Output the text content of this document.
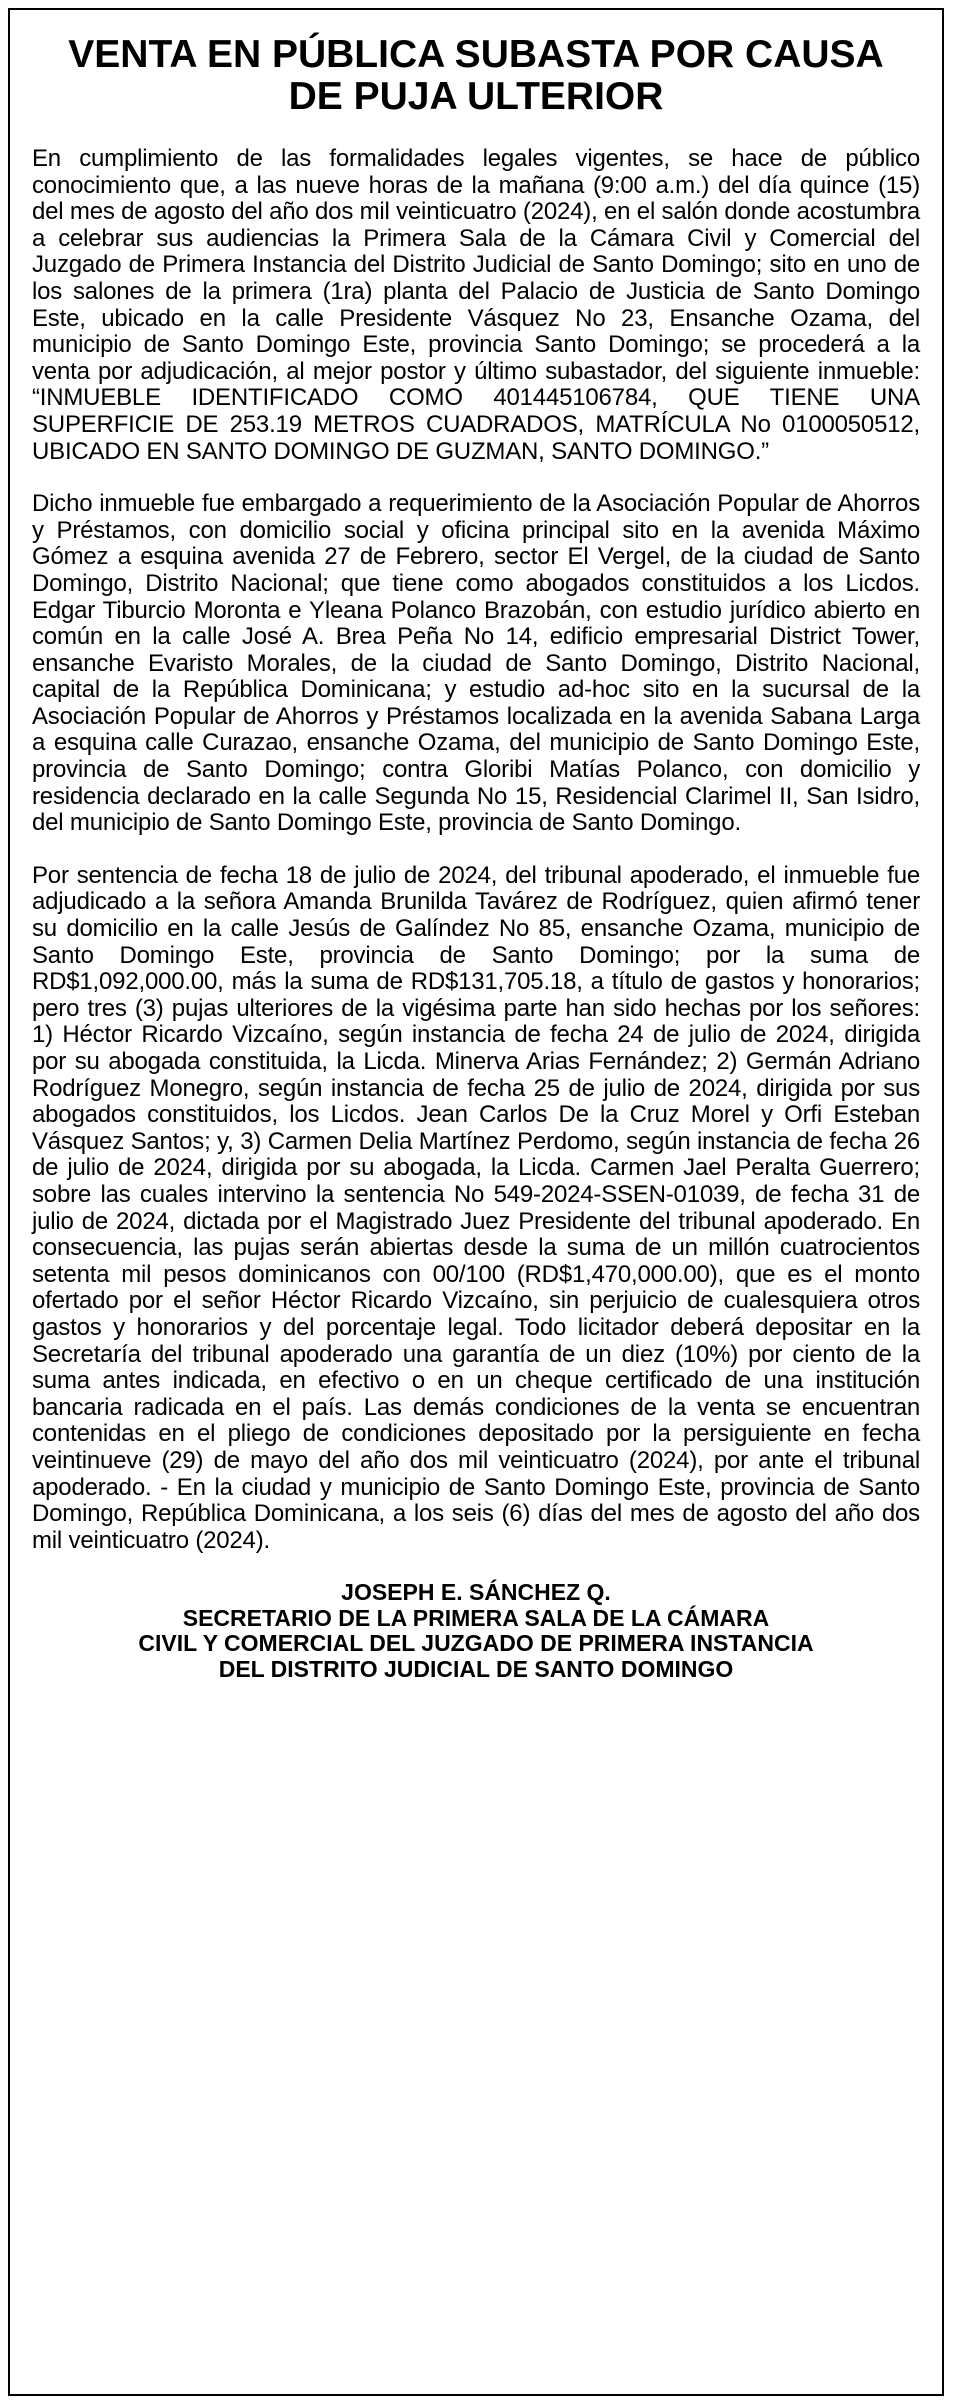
VENTA EN PÚBLICA SUBASTA POR CAUSA
DE PUJA ULTERIOR

En cumplimiento de las formalidades legales vigentes, se hace de público conocimiento que, a las nueve horas de la mañana (9:00 a.m.) del día quince (15) del mes de agosto del año dos mil veinticuatro (2024), en el salón donde acostumbra a celebrar sus audiencias la Primera Sala de la Cámara Civil y Comercial del Juzgado de Primera Instancia del Distrito Judicial de Santo Domingo; sito en uno de los salones de la primera (1ra) planta del Palacio de Justicia de Santo Domingo Este, ubicado en la calle Presidente Vásquez No 23, Ensanche Ozama, del municipio de Santo Domingo Este, provincia Santo Domingo; se procederá a la venta por adjudicación, al mejor postor y último subastador, del siguiente inmueble: “INMUEBLE IDENTIFICADO COMO 401445106784, QUE TIENE UNA SUPERFICIE DE 253.19 METROS CUADRADOS, MATRÍCULA No 0100050512, UBICADO EN SANTO DOMINGO DE GUZMAN, SANTO DOMINGO.”

Dicho inmueble fue embargado a requerimiento de la Asociación Popular de Ahorros y Préstamos, con domicilio social y oficina principal sito en la avenida Máximo Gómez a esquina avenida 27 de Febrero, sector El Vergel, de la ciudad de Santo Domingo, Distrito Nacional; que tiene como abogados constituidos a los Licdos. Edgar Tiburcio Moronta e Yleana Polanco Brazobán, con estudio jurídico abierto en común en la calle José A. Brea Peña No 14, edificio empresarial District Tower, ensanche Evaristo Morales, de la ciudad de Santo Domingo, Distrito Nacional, capital de la República Dominicana; y estudio ad-hoc sito en la sucursal de la Asociación Popular de Ahorros y Préstamos localizada en la avenida Sabana Larga a esquina calle Curazao, ensanche Ozama, del municipio de Santo Domingo Este, provincia de Santo Domingo; contra Gloribi Matías Polanco, con domicilio y residencia declarado en la calle Segunda No 15, Residencial Clarimel II, San Isidro, del municipio de Santo Domingo Este, provincia de Santo Domingo.

Por sentencia de fecha 18 de julio de 2024, del tribunal apoderado, el inmueble fue adjudicado a la señora Amanda Brunilda Tavárez de Rodríguez, quien afirmó tener su domicilio en la calle Jesús de Galíndez No 85, ensanche Ozama, municipio de Santo Domingo Este, provincia de Santo Domingo; por la suma de RD$1,092,000.00, más la suma de RD$131,705.18, a título de gastos y honorarios; pero tres (3) pujas ulteriores de la vigésima parte han sido hechas por los señores: 1) Héctor Ricardo Vizcaíno, según instancia de fecha 24 de julio de 2024, dirigida por su abogada constituida, la Licda. Minerva Arias Fernández; 2) Germán Adriano Rodríguez Monegro, según instancia de fecha 25 de julio de 2024, dirigida por sus abogados constituidos, los Licdos. Jean Carlos De la Cruz Morel y Orfi Esteban Vásquez Santos; y, 3) Carmen Delia Martínez Perdomo, según instancia de fecha 26 de julio de 2024, dirigida por su abogada, la Licda. Carmen Jael Peralta Guerrero; sobre las cuales intervino la sentencia No 549-2024-SSEN-01039, de fecha 31 de julio de 2024, dictada por el Magistrado Juez Presidente del tribunal apoderado. En consecuencia, las pujas serán abiertas desde la suma de un millón cuatrocientos setenta mil pesos dominicanos con 00/100 (RD$1,470,000.00), que es el monto ofertado por el señor Héctor Ricardo Vizcaíno, sin perjuicio de cualesquiera otros gastos y honorarios y del porcentaje legal. Todo licitador deberá depositar en la Secretaría del tribunal apoderado una garantía de un diez (10%) por ciento de la suma antes indicada, en efectivo o en un cheque certificado de una institución bancaria radicada en el país. Las demás condiciones de la venta se encuentran contenidas en el pliego de condiciones depositado por la persiguiente en fecha veintinueve (29) de mayo del año dos mil veinticuatro (2024), por ante el tribunal apoderado. - En la ciudad y municipio de Santo Domingo Este, provincia de Santo Domingo, República Dominicana, a los seis (6) días del mes de agosto del año dos mil veinticuatro (2024).

JOSEPH E. SÁNCHEZ Q.
SECRETARIO DE LA PRIMERA SALA DE LA CÁMARA
CIVIL Y COMERCIAL DEL JUZGADO DE PRIMERA INSTANCIA
DEL DISTRITO JUDICIAL DE SANTO DOMINGO
